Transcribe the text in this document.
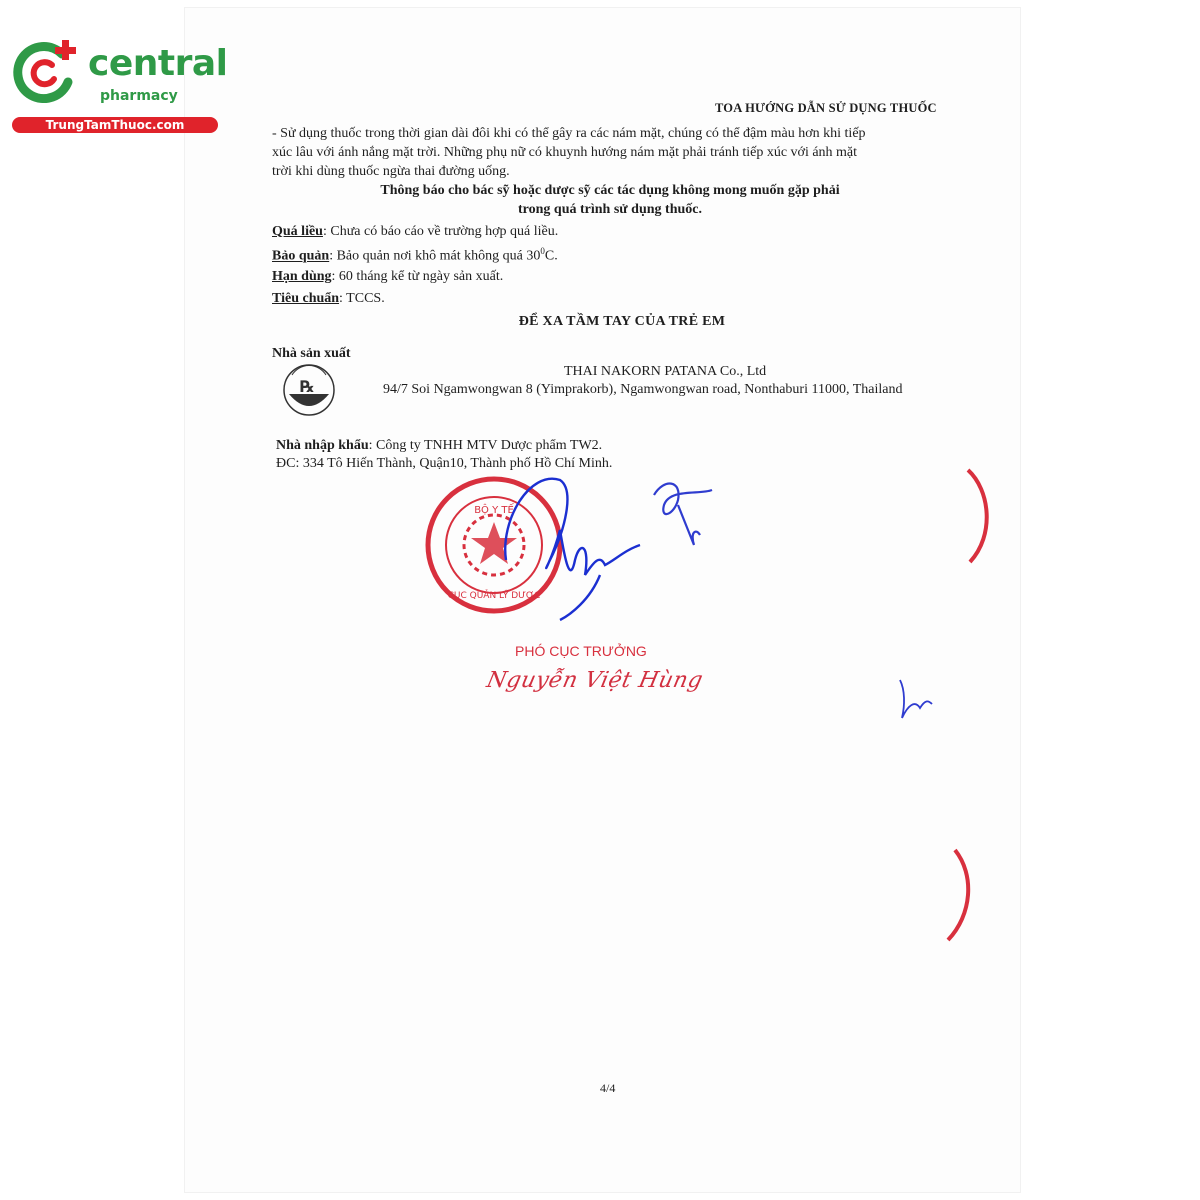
central
pharmacy
TrungTamThuoc.com
TOA HƯỚNG DẪN SỬ DỤNG THUỐC
- Sử dụng thuốc trong thời gian dài đôi khi có thể gây ra các nám mặt, chúng có thể đậm màu hơn khi tiếp
xúc lâu với ánh nắng mặt trời. Những phụ nữ có khuynh hướng nám mặt phải tránh tiếp xúc với ánh mặt
trời khi dùng thuốc ngừa thai đường uống.
Thông báo cho bác sỹ hoặc dược sỹ các tác dụng không mong muốn gặp phải
trong quá trình sử dụng thuốc.
Quá liều: Chưa có báo cáo về trường hợp quá liều.
Bảo quản: Bảo quản nơi khô mát không quá $30^0C$.
Hạn dùng: 60 tháng kể từ ngày sản xuất.
Tiêu chuẩn: TCCS.
ĐỂ XA TẦM TAY CỦA TRẺ EM
Nhà sản xuất
THAI NAKORN PATANA Co., Ltd
94/7 Soi Ngamwongwan 8 (Yimprakorb), Ngamwongwan road, Nonthaburi 11000, Thailand
℞
BỘ Y TẾ
CỤC QUẢN LÝ DƯỢC
Nhà nhập khẩu: Công ty TNHH MTV Dược phẩm TW2.
ĐC: 334 Tô Hiến Thành, Quận10, Thành phố Hồ Chí Minh.
PHÓ CỤC TRƯỞNG
Nguyễn Việt Hùng
4/4
